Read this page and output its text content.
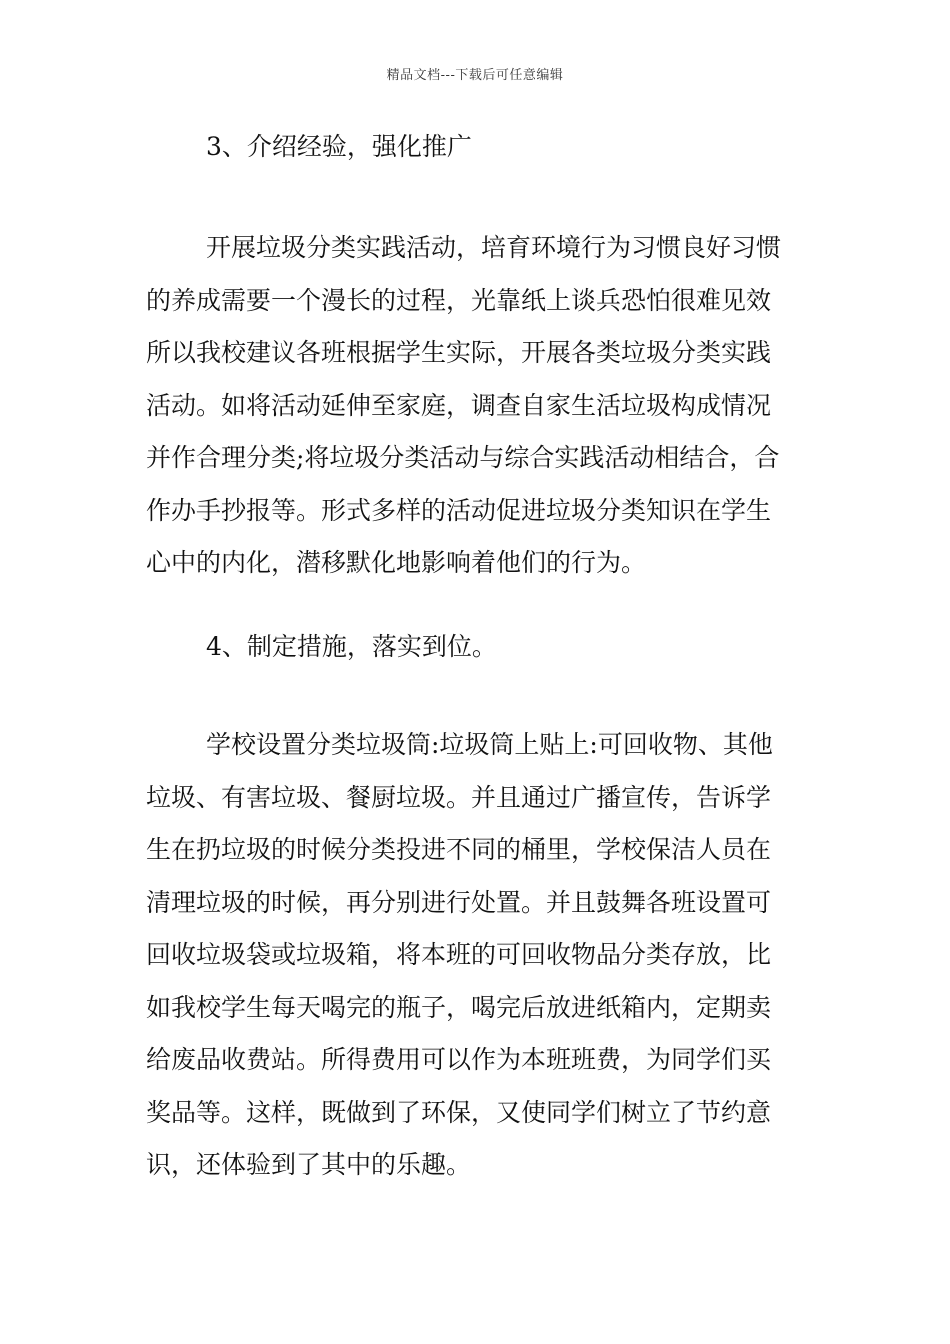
精品文档---下载后可任意编辑
3、介绍经验，强化推广
开展垃圾分类实践活动，培育环境行为习惯良好习惯
的养成需要一个漫长的过程，光靠纸上谈兵恐怕很难见效
所以我校建议各班根据学生实际，开展各类垃圾分类实践
活动。如将活动延伸至家庭，调查自家生活垃圾构成情况
并作合理分类;将垃圾分类活动与综合实践活动相结合，合
作办手抄报等。形式多样的活动促进垃圾分类知识在学生
心中的内化，潜移默化地影响着他们的行为。
4、制定措施，落实到位。
学校设置分类垃圾筒:垃圾筒上贴上:可回收物、其他
垃圾、有害垃圾、餐厨垃圾。并且通过广播宣传，告诉学
生在扔垃圾的时候分类投进不同的桶里，学校保洁人员在
清理垃圾的时候，再分别进行处置。并且鼓舞各班设置可
回收垃圾袋或垃圾箱，将本班的可回收物品分类存放，比
如我校学生每天喝完的瓶子，喝完后放进纸箱内，定期卖
给废品收费站。所得费用可以作为本班班费，为同学们买
奖品等。这样，既做到了环保，又使同学们树立了节约意
识，还体验到了其中的乐趣。
